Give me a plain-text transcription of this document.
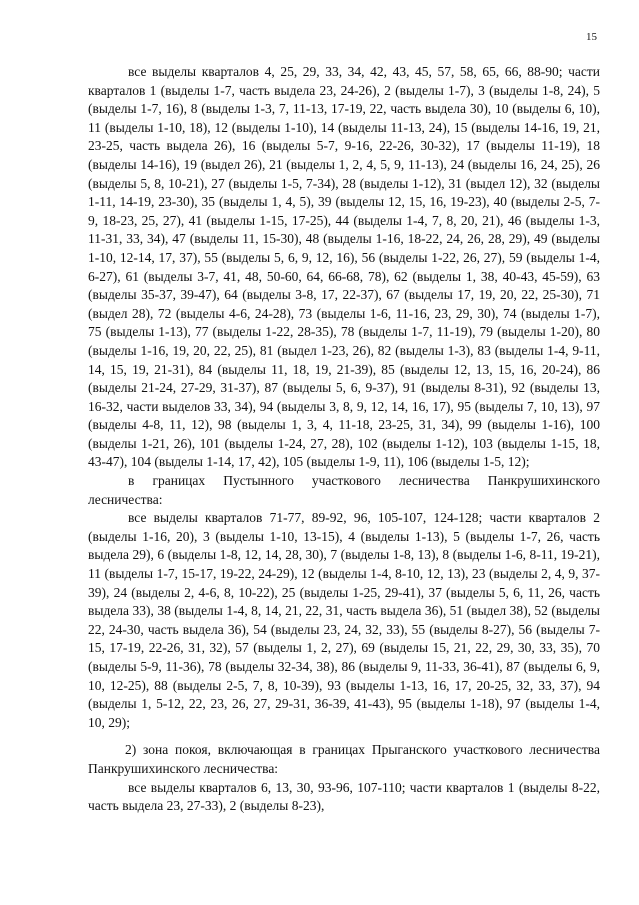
15

все выделы кварталов 4, 25, 29, 33, 34, 42, 43, 45, 57, 58, 65, 66, 88-90; части кварталов 1 (выделы 1-7, часть выдела 23, 24-26), 2 (выделы 1-7), 3 (выделы 1-8, 24), 5 (выделы 1-7, 16), 8 (выделы 1-3, 7, 11-13, 17-19, 22, часть выдела 30), 10 (выделы 6, 10), 11 (выделы 1-10, 18), 12 (выделы 1-10), 14 (выделы 11-13, 24), 15 (выделы 14-16, 19, 21, 23-25, часть выдела 26), 16 (выделы 5-7, 9-16, 22-26, 30-32), 17 (выделы 11-19), 18 (выделы 14-16), 19 (выдел 26), 21 (выделы 1, 2, 4, 5, 9, 11-13), 24 (выделы 16, 24, 25), 26 (выделы 5, 8, 10-21), 27 (выделы 1-5, 7-34), 28 (выделы 1-12), 31 (выдел 12), 32 (выделы 1-11, 14-19, 23-30), 35 (выделы 1, 4, 5), 39 (выделы 12, 15, 16, 19-23), 40 (выделы 2-5, 7-9, 18-23, 25, 27), 41 (выделы 1-15, 17-25), 44 (выделы 1-4, 7, 8, 20, 21), 46 (выделы 1-3, 11-31, 33, 34), 47 (выделы 11, 15-30), 48 (выделы 1-16, 18-22, 24, 26, 28, 29), 49 (выделы 1-10, 12-14, 17, 37), 55 (выделы 5, 6, 9, 12, 16), 56 (выделы 1-22, 26, 27), 59 (выделы 1-4, 6-27), 61 (выделы 3-7, 41, 48, 50-60, 64, 66-68, 78), 62 (выделы 1, 38, 40-43, 45-59), 63 (выделы 35-37, 39-47), 64 (выделы 3-8, 17, 22-37), 67 (выделы 17, 19, 20, 22, 25-30), 71 (выдел 28), 72 (выделы 4-6, 24-28), 73 (выделы 1-6, 11-16, 23, 29, 30), 74 (выделы 1-7), 75 (выделы 1-13), 77 (выделы 1-22, 28-35), 78 (выделы 1-7, 11-19), 79 (выделы 1-20), 80 (выделы 1-16, 19, 20, 22, 25), 81 (выдел 1-23, 26), 82 (выделы 1-3), 83 (выделы 1-4, 9-11, 14, 15, 19, 21-31), 84 (выделы 11, 18, 19, 21-39), 85 (выделы 12, 13, 15, 16, 20-24), 86 (выделы 21-24, 27-29, 31-37), 87 (выделы 5, 6, 9-37), 91 (выделы 8-31), 92 (выделы 13, 16-32, части выделов 33, 34), 94 (выделы 3, 8, 9, 12, 14, 16, 17), 95 (выделы 7, 10, 13), 97 (выделы 4-8, 11, 12), 98 (выделы 1, 3, 4, 11-18, 23-25, 31, 34), 99 (выделы 1-16), 100 (выделы 1-21, 26), 101 (выделы 1-24, 27, 28), 102 (выделы 1-12), 103 (выделы 1-15, 18, 43-47), 104 (выделы 1-14, 17, 42), 105 (выделы 1-9, 11), 106 (выделы 1-5, 12);

в границах Пустынного участкового лесничества Панкрушихинского лесничества:

все выделы кварталов 71-77, 89-92, 96, 105-107, 124-128; части кварталов 2 (выделы 1-16, 20), 3 (выделы 1-10, 13-15), 4 (выделы 1-13), 5 (выделы 1-7, 26, часть выдела 29), 6 (выделы 1-8, 12, 14, 28, 30), 7 (выделы 1-8, 13), 8 (выделы 1-6, 8-11, 19-21), 11 (выделы 1-7, 15-17, 19-22, 24-29), 12 (выделы 1-4, 8-10, 12, 13), 23 (выделы 2, 4, 9, 37-39), 24 (выделы 2, 4-6, 8, 10-22), 25 (выделы 1-25, 29-41), 37 (выделы 5, 6, 11, 26, часть выдела 33), 38 (выделы 1-4, 8, 14, 21, 22, 31, часть выдела 36), 51 (выдел 38), 52 (выделы 22, 24-30, часть выдела 36), 54 (выделы 23, 24, 32, 33), 55 (выделы 8-27), 56 (выделы 7-15, 17-19, 22-26, 31, 32), 57 (выделы 1, 2, 27), 69 (выделы 15, 21, 22, 29, 30, 33, 35), 70 (выделы 5-9, 11-36), 78 (выделы 32-34, 38), 86 (выделы 9, 11-33, 36-41), 87 (выделы 6, 9, 10, 12-25), 88 (выделы 2-5, 7, 8, 10-39), 93 (выделы 1-13, 16, 17, 20-25, 32, 33, 37), 94 (выделы 1, 5-12, 22, 23, 26, 27, 29-31, 36-39, 41-43), 95 (выделы 1-18), 97 (выделы 1-4, 10, 29);

2) зона покоя, включающая в границах Прыганского участкового лесничества Панкрушихинского лесничества:

все выделы кварталов 6, 13, 30, 93-96, 107-110; части кварталов 1 (выделы 8-22, часть выдела 23, 27-33), 2 (выделы 8-23),
